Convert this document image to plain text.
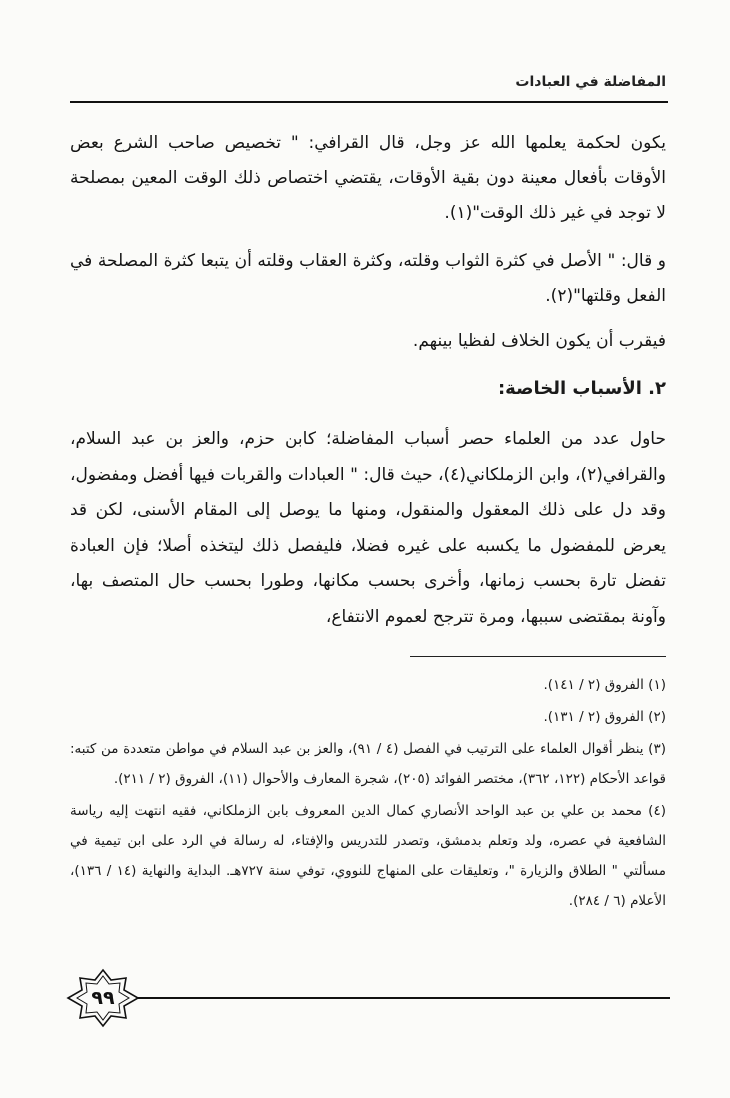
المفاضلة في العبادات
يكون لحكمة يعلمها الله عز وجل، قال القرافي: " تخصيص صاحب الشرع بعض الأوقات بأفعال معينة دون بقية الأوقات، يقتضي اختصاص ذلك الوقت المعين بمصلحة لا توجد في غير ذلك الوقت"(١).
و قال: " الأصل في كثرة الثواب وقلته، وكثرة العقاب وقلته أن يتبعا كثرة المصلحة في الفعل وقلتها"(٢).
فيقرب أن يكون الخلاف لفظيا بينهم.
٢. الأسباب الخاصة:
حاول عدد من العلماء حصر أسباب المفاضلة؛ كابن حزم، والعز بن عبد السلام، والقرافي(٢)، وابن الزملكاني(٤)، حيث قال: " العبادات والقربات فيها أفضل ومفضول، وقد دل على ذلك المعقول والمنقول، ومنها ما يوصل إلى المقام الأسنى، لكن قد يعرض للمفضول ما يكسبه على غيره فضلا، فليفصل ذلك ليتخذه أصلا؛ فإن العبادة تفضل تارة بحسب زمانها، وأخرى بحسب مكانها، وطورا بحسب حال المتصف بها، وآونة بمقتضى سببها، ومرة تترجح لعموم الانتفاع،
(١) الفروق (٢ / ١٤١).
(٢) الفروق (٢ / ١٣١).
(٣) ينظر أقوال العلماء على الترتيب في الفصل (٤ / ٩١)، والعز بن عبد السلام في مواطن متعددة من كتبه: قواعد الأحكام (١٢٢، ٣٦٢)، مختصر الفوائد (٢٠٥)، شجرة المعارف والأحوال (١١)، الفروق (٢ / ٢١١).
(٤) محمد بن علي بن عبد الواحد الأنصاري كمال الدين المعروف بابن الزملكاني، فقيه انتهت إليه رياسة الشافعية في عصره، ولد وتعلم بدمشق، وتصدر للتدريس والإفتاء، له رسالة في الرد على ابن تيمية في مسألتي " الطلاق والزيارة "، وتعليقات على المنهاج للنووي، توفي سنة ٧٢٧هـ. البداية والنهاية (١٤ / ١٣٦)، الأعلام (٦ / ٢٨٤).
٩٩
